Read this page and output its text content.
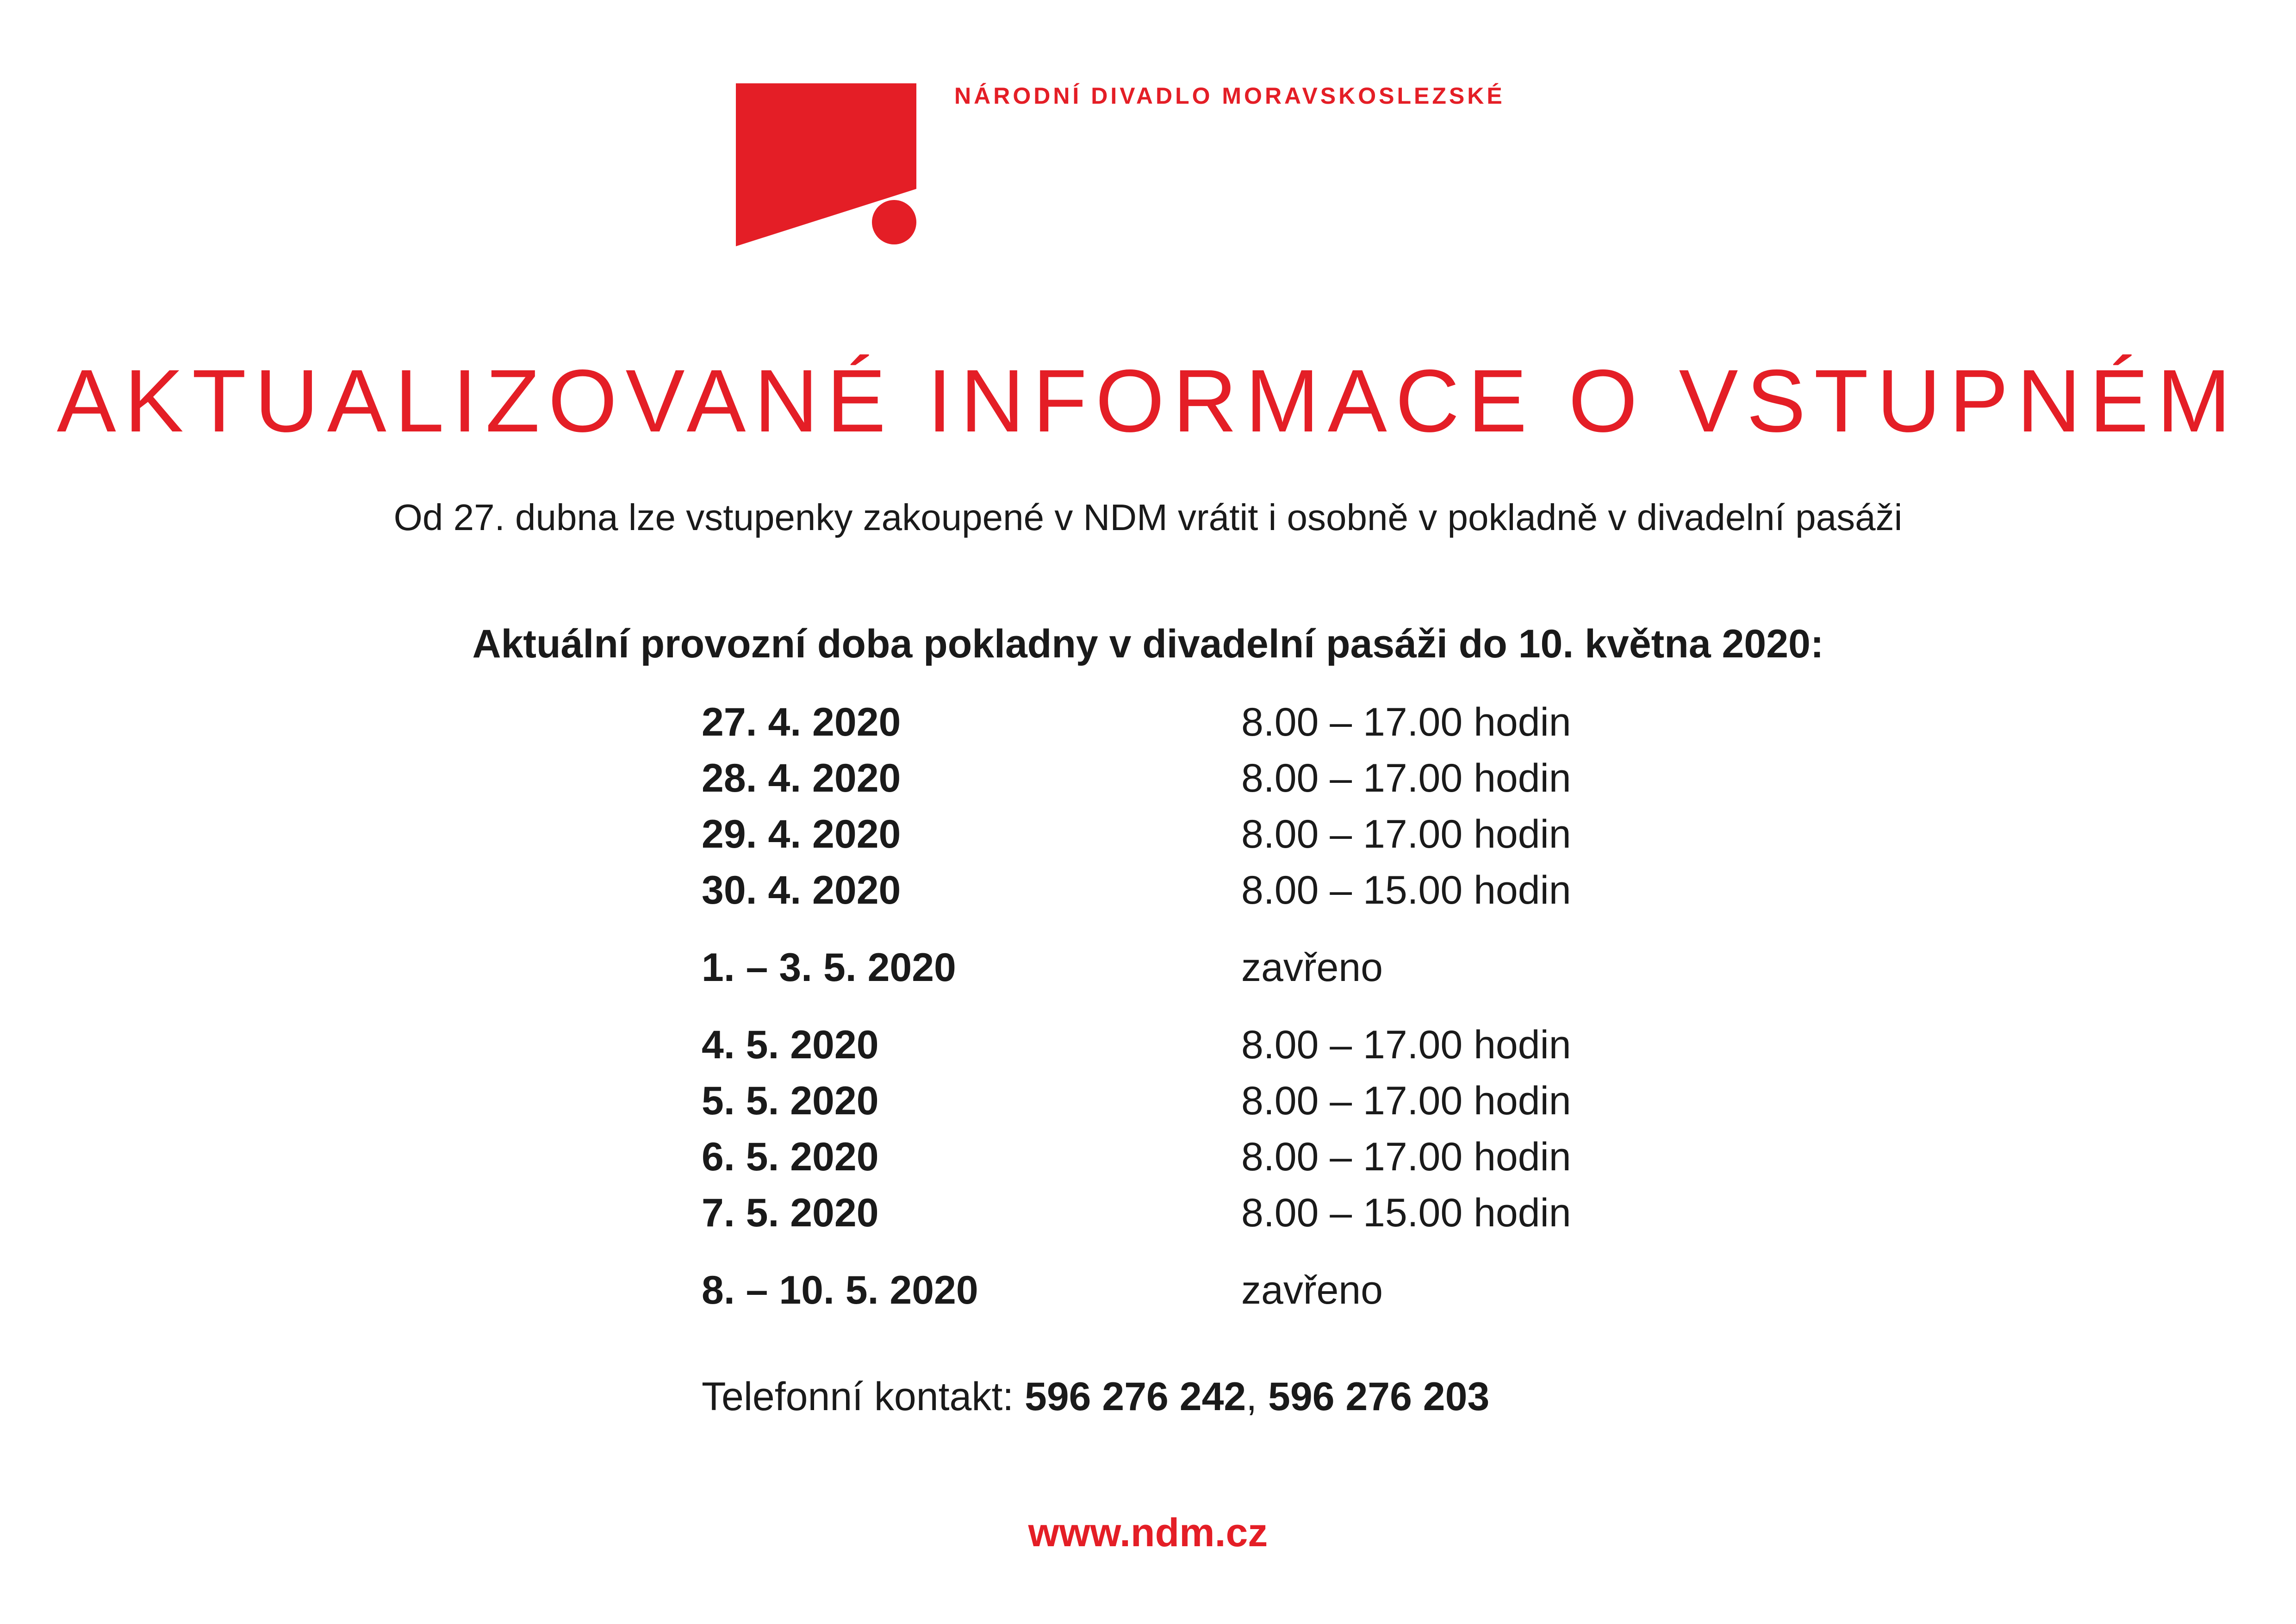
NÁRODNÍ DIVADLO MORAVSKOSLEZSKÉ
AKTUALIZOVANÉ INFORMACE O VSTUPNÉM
Od 27. dubna lze vstupenky zakoupené v NDM vrátit i osobně v pokladně v divadelní pasáži
Aktuální provozní doba pokladny v divadelní pasáži do 10. května 2020:
27. 4. 2020	8.00 – 17.00 hodin
28. 4. 2020	8.00 – 17.00 hodin
29. 4. 2020	8.00 – 17.00 hodin
30. 4. 2020	8.00 – 15.00 hodin
1. – 3. 5. 2020	zavřeno
4. 5. 2020	8.00 – 17.00 hodin
5. 5. 2020	8.00 – 17.00 hodin
6. 5. 2020	8.00 – 17.00 hodin
7. 5. 2020	8.00 – 15.00 hodin
8. – 10. 5. 2020	zavřeno
Telefonní kontakt: 596 276 242, 596 276 203
www.ndm.cz
